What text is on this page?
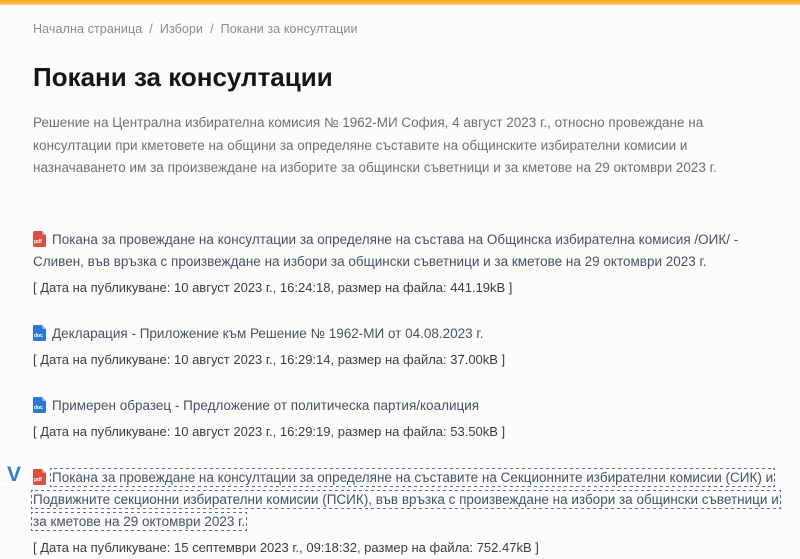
Начална страница / Избори / Покани за консултации
Покани за консултации

Решение на Централна избирателна комисия № 1962-МИ София, 4 август 2023 г., относно провеждане на консултации при кметовете на общини за определяне съставите на общинските избирателни комисии и назначаването им за произвеждане на изборите за общински съветници и за кметове на 29 октомври 2023 г.

pdf Покана за провеждане на консултации за определяне на състава на Общинска избирателна комисия /ОИК/ - Сливен, във връзка с произвеждане на избори за общински съветници и за кметове на 29 октомври 2023 г.
[ Дата на публикуване: 10 август 2023 г., 16:24:18, размер на файла: 441.19kB ]
doc Декларация - Приложение към Решение № 1962-МИ от 04.08.2023 г.
[ Дата на публикуване: 10 август 2023 г., 16:29:14, размер на файла: 37.00kB ]
doc Примерен образец - Предложение от политическа партия/коалиция
[ Дата на публикуване: 10 август 2023 г., 16:29:19, размер на файла: 53.50kB ]
V	pdf Покана за провеждане на консултации за определяне на съставите на Секционните избирателни комисии (СИК) и Подвижните секционни избирателни комисии (ПСИК), във връзка с произвеждане на избори за общински съветници и за кметове на 29 октомври 2023 г.
[ Дата на публикуване: 15 септември 2023 г., 09:18:32, размер на файла: 752.47kB ]
